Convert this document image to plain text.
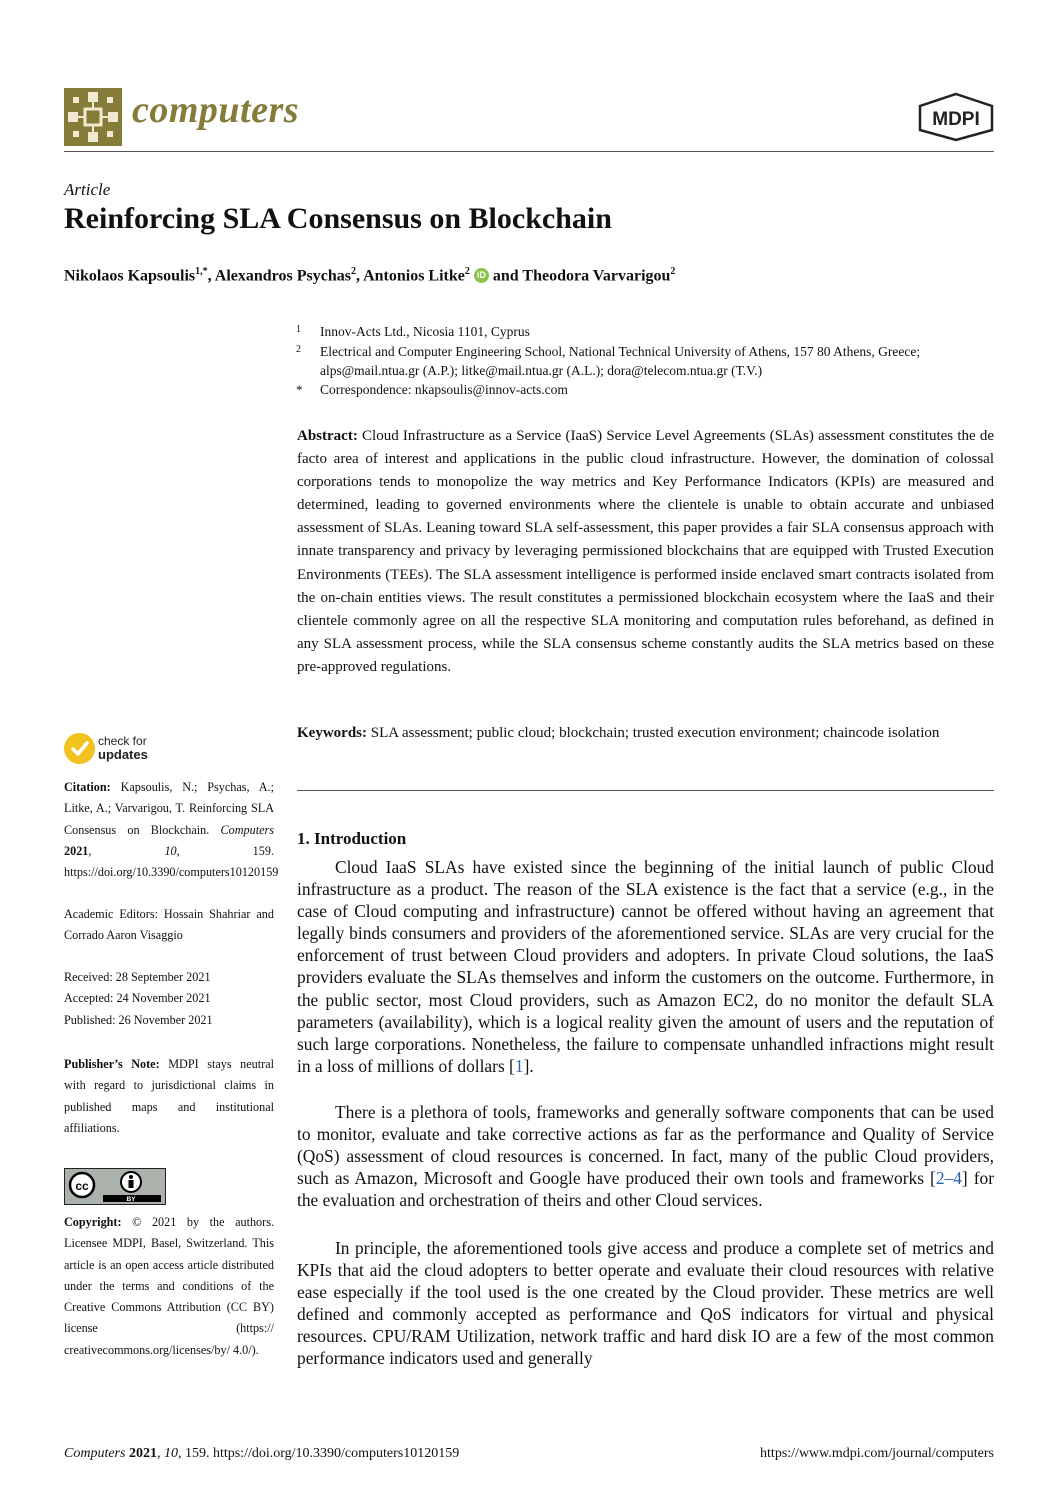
computers	MDPI
Article
Reinforcing SLA Consensus on Blockchain
Nikolaos Kapsoulis$^{1,*}$, Alexandros Psychas$^2$, Antonios Litke$^2$ iD and Theodora Varvarigou$^2$
1 Innov-Acts Ltd., Nicosia 1101, Cyprus
2 Electrical and Computer Engineering School, National Technical University of Athens, 157 80 Athens, Greece;
alps@mail.ntua.gr (A.P.); litke@mail.ntua.gr (A.L.); dora@telecom.ntua.gr (T.V.)
* Correspondence: nkapsoulis@innov-acts.com
Abstract: Cloud Infrastructure as a Service (IaaS) Service Level Agreements (SLAs) assessment constitutes the de facto area of interest and applications in the public cloud infrastructure. However, the domination of colossal corporations tends to monopolize the way metrics and Key Performance Indicators (KPIs) are measured and determined, leading to governed environments where the clientele is unable to obtain accurate and unbiased assessment of SLAs. Leaning toward SLA self-assessment, this paper provides a fair SLA consensus approach with innate transparency and privacy by leveraging permissioned blockchains that are equipped with Trusted Execution Environments (TEEs). The SLA assessment intelligence is performed inside enclaved smart contracts isolated from the on-chain entities views. The result constitutes a permissioned blockchain ecosystem where the IaaS and their clientele commonly agree on all the respective SLA monitoring and computation rules beforehand, as defined in any SLA assessment process, while the SLA consensus scheme constantly audits the SLA metrics based on these pre-approved regulations.
Keywords: SLA assessment; public cloud; blockchain; trusted execution environment; chaincode isolation
1. Introduction

Cloud IaaS SLAs have existed since the beginning of the initial launch of public Cloud infrastructure as a product. The reason of the SLA existence is the fact that a service (e.g., in the case of Cloud computing and infrastructure) cannot be offered without having an agreement that legally binds consumers and providers of the aforementioned service. SLAs are very crucial for the enforcement of trust between Cloud providers and adopters. In private Cloud solutions, the IaaS providers evaluate the SLAs themselves and inform the customers on the outcome. Furthermore, in the public sector, most Cloud providers, such as Amazon EC2, do no monitor the default SLA parameters (availability), which is a logical reality given the amount of users and the reputation of such large corporations. Nonetheless, the failure to compensate unhandled infractions might result in a loss of millions of dollars [1].

There is a plethora of tools, frameworks and generally software components that can be used to monitor, evaluate and take corrective actions as far as the performance and Quality of Service (QoS) assessment of cloud resources is concerned. In fact, many of the public Cloud providers, such as Amazon, Microsoft and Google have produced their own tools and frameworks [2–4] for the evaluation and orchestration of theirs and other Cloud services.

In principle, the aforementioned tools give access and produce a complete set of metrics and KPIs that aid the cloud adopters to better operate and evaluate their cloud resources with relative ease especially if the tool used is the one created by the Cloud provider. These metrics are well defined and commonly accepted as performance and QoS indicators for virtual and physical resources. CPU/RAM Utilization, network traffic and hard disk IO are a few of the most common performance indicators used and generally

check for
updates

Citation: Kapsoulis, N.; Psychas, A.; Litke, A.; Varvarigou, T. Reinforcing SLA Consensus on Blockchain. Computers 2021, 10, 159. https://doi.org/10.3390/computers10120159

Academic Editors: Hossain Shahriar and Corrado Aaron Visaggio

Received: 28 September 2021

Accepted: 24 November 2021

Published: 26 November 2021

Publisher’s Note: MDPI stays neutral with regard to jurisdictional claims in published maps and institutional affiliations.

cc
BY

Copyright: © 2021 by the authors. Licensee MDPI, Basel, Switzerland. This article is an open access article distributed under the terms and conditions of the Creative Commons Attribution (CC BY) license (https:// creativecommons.org/licenses/by/ 4.0/).

Computers 2021, 10, 159. https://doi.org/10.3390/computers10120159	https://www.mdpi.com/journal/computers
